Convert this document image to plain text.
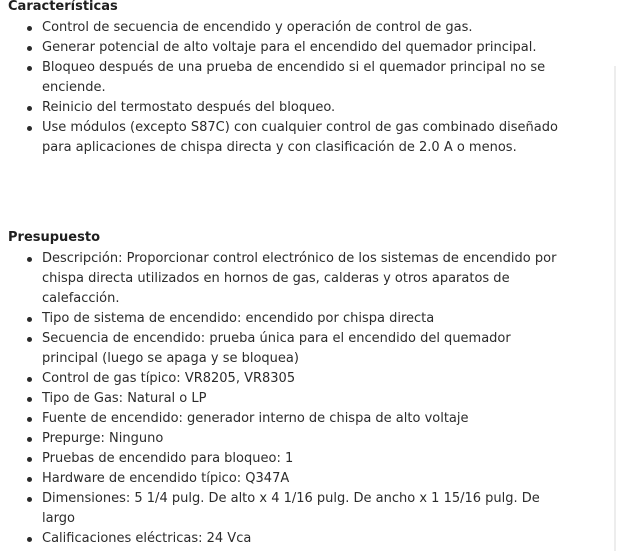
Características
Control de secuencia de encendido y operación de control de gas.
Generar potencial de alto voltaje para el encendido del quemador principal.
Bloqueo después de una prueba de encendido si el quemador principal no se enciende.
Reinicio del termostato después del bloqueo.
Use módulos (excepto S87C) con cualquier control de gas combinado diseñado para aplicaciones de chispa directa y con clasificación de 2.0 A o menos.
Presupuesto
Descripción: Proporcionar control electrónico de los sistemas de encendido por chispa directa utilizados en hornos de gas, calderas y otros aparatos de calefacción.
Tipo de sistema de encendido: encendido por chispa directa
Secuencia de encendido: prueba única para el encendido del quemador principal (luego se apaga y se bloquea)
Control de gas típico: VR8205, VR8305
Tipo de Gas: Natural o LP
Fuente de encendido: generador interno de chispa de alto voltaje
Prepurge: Ninguno
Pruebas de encendido para bloqueo: 1
Hardware de encendido típico: Q347A
Dimensiones: 5 1/4 pulg. De alto x 4 1/16 pulg. De ancho x 1 15/16 pulg. De largo
Calificaciones eléctricas: 24 Vca
